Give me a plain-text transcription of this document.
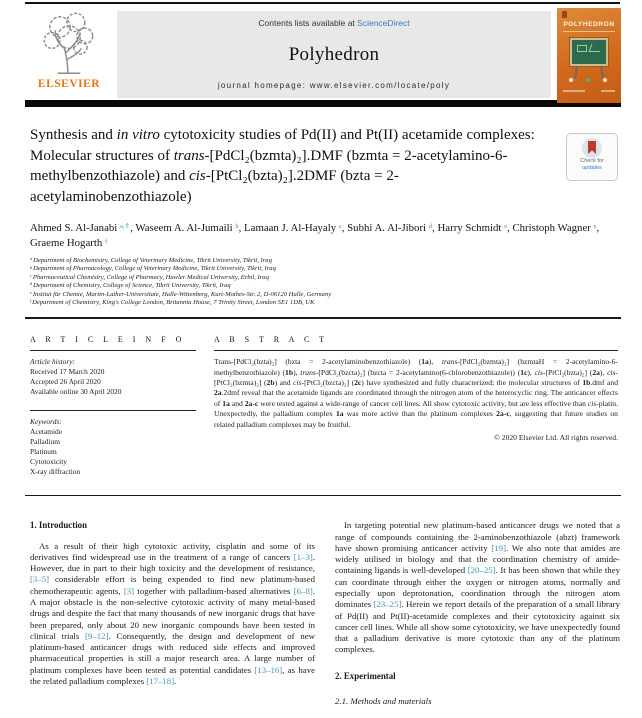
ELSEVIER
Contents lists available at ScienceDirect
Polyhedron
journal homepage: www.elsevier.com/locate/poly
POLYHEDRON
Synthesis and in vitro cytotoxicity studies of Pd(II) and Pt(II) acetamide complexes: Molecular structures of trans-[PdCl₂(bzmta)₂].DMF (bzmta = 2-acetylamino-6-methylbenzothiazole) and cis-[PtCl₂(bzta)₂].2DMF (bzta = 2-acetylaminobenzothiazole)
Check for
updates
Ahmed S. Al-Janabi $^{a,⇑}$, Waseem A. Al-Jumaili $^b$, Lamaan J. Al-Hayaly $^c$, Subhi A. Al-Jibori $^d$, Harry Schmidt $^e$, Christoph Wagner $^e$, Graeme Hogarth $^f$
$^a$ Department of Biochemistry, College of Veterinary Medicine, Tikrit University, Tikrit, Iraq
$^b$ Department of Pharmacology, College of Veterinary Medicine, Tikrit University, Tikrit, Iraq
$^c$ Pharmaceutical Chemistry, College of Pharmacy, Hawler Medical University, Erbil, Iraq
$^d$ Department of Chemistry, College of Science, Tikrit University, Tikrit, Iraq
$^e$ Institut für Chemie, Martin-Luther-Universitate, Halle-Wittenberg, Kurt-Mothes-Str. 2, D-06120 Halle, Germany
$^f$ Department of Chemistry, King's College London, Britannia House, 7 Trinity Street, London SE1 1DB, UK
A R T I C L E I N F O
Article history:
Received 17 March 2020
Accepted 26 April 2020
Available online 30 April 2020
Keywords:
Acetamide
Palladium
Platinum
Cytotoxicity
X-ray diffraction
A B S T R A C T

Trans-[PdCl₂(bzta)₂] (bzta = 2-acetylaminobenzothiazole) (1a), trans-[PdCl₂(bzmta)₂] (bzmtaH = 2-acetylamino-6-methylbenzothiazole) (1b), trans-[PdCl₂(bzcta)₂] (bzcta = 2-acetylamino(6-chlorobenzothiazole)) (1c), cis-[PtCl₂(bzta)₂] (2a), cis-[PtCl₂(bzmta)₂] (2b) and cis-[PtCl₂(bzcta)₂] (2c) have synthesized and fully characterized; the molecular structures of 1b.dmf and 2a.2dmf reveal that the acetamide ligands are coordinated through the nitrogen atom of the heterocyclic ring. The anticancer effects of 1a and 2a-c were tested against a wide-range of cancer cell lines. All show cytotoxic activity, but are less effective than cis-platin. Unexpectedly, the palladium complex 1a was more active than the platinum complexes 2a-c, suggesting that future studies on related palladium complexes may be fruitful.

© 2020 Elsevier Ltd. All rights reserved.
1. Introduction

As a result of their high cytotoxic activity, cisplatin and some of its derivatives find widespread use in the treatment of a range of cancers [1–3]. However, due in part to their high toxicity and the development of resistance, [3–5] considerable effort is being expended to find new platinum-based chemotherapeutic agents, [3] together with palladium-based alternatives [6–8]. A major obstacle is the non-selective cytotoxic activity of many metal-based drugs and despite the fact that many thousands of new inorganic drugs that have been prepared, only about 20 new inorganic compounds have been tested in clinical trials [9–12]. Consequently, the design and development of new platinum-based anticancer drugs with reduced side effects and improved pharmaceutical properties is still a major research area. A large number of platinum complexes have been tested as potential candidates [13–16], as have the related palladium complexes [17–18].

In targeting potential new platinum-based anticancer drugs we noted that a range of compounds containing the 2-aminobenzothiazole (abzt) framework have shown promising anticancer activity [19]. We also note that amides are widely utilised in biology and that the coordination chemistry of amide-containing ligands is well-developed [20–25]. It has been shown that while they can coordinate through either the oxygen or nitrogen atoms, normally and especially upon deprotonation, coordination through the nitrogen atom dominates [23–25]. Herein we report details of the preparation of a small library of Pd(II) and Pt(II)-acetamide complexes and their cytotoxicity against six cancer cell lines. While all show some cytotoxicity, we have unexpectedly found that a palladium derivative is more cytotoxic than any of the platinum complexes.

2. Experimental
2.1. Methods and materials
